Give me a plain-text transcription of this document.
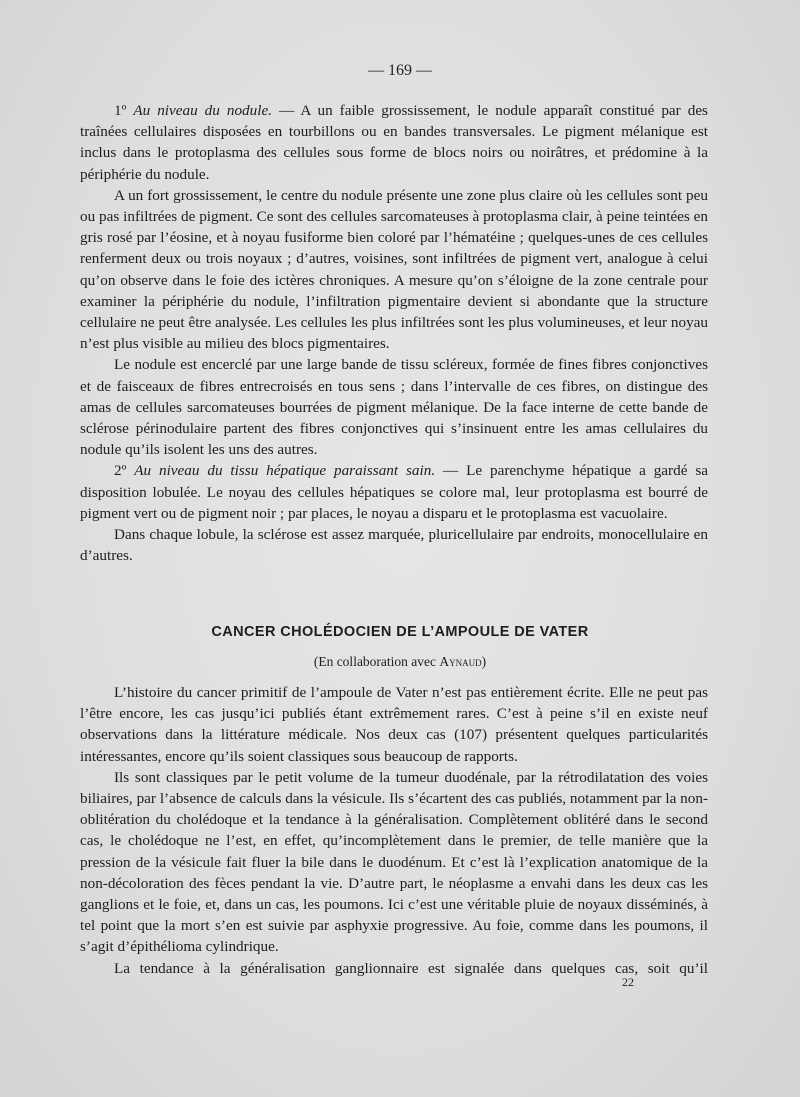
— 169 —

1º Au niveau du nodule. — A un faible grossissement, le nodule apparaît constitué par des traînées cellulaires disposées en tourbillons ou en bandes transversales. Le pigment mélanique est inclus dans le protoplasma des cellules sous forme de blocs noirs ou noirâtres, et prédomine à la périphérie du nodule.

A un fort grossissement, le centre du nodule présente une zone plus claire où les cellules sont peu ou pas infiltrées de pigment. Ce sont des cellules sarcomateuses à protoplasma clair, à peine teintées en gris rosé par l’éosine, et à noyau fusiforme bien coloré par l’hématéine ; quelques-unes de ces cellules renferment deux ou trois noyaux ; d’autres, voisines, sont infiltrées de pigment vert, analogue à celui qu’on observe dans le foie des ictères chroniques. A mesure qu’on s’éloigne de la zone centrale pour examiner la périphérie du nodule, l’infiltration pigmentaire devient si abondante que la structure cellulaire ne peut être analysée. Les cellules les plus infiltrées sont les plus volumineuses, et leur noyau n’est plus visible au milieu des blocs pigmentaires.

Le nodule est encerclé par une large bande de tissu scléreux, formée de fines fibres conjonctives et de faisceaux de fibres entrecroisés en tous sens ; dans l’intervalle de ces fibres, on distingue des amas de cellules sarcomateuses bourrées de pigment mélanique. De la face interne de cette bande de sclérose périnodulaire partent des fibres conjonctives qui s’insinuent entre les amas cellulaires du nodule qu’ils isolent les uns des autres.

2º Au niveau du tissu hépatique paraissant sain. — Le parenchyme hépatique a gardé sa disposition lobulée. Le noyau des cellules hépatiques se colore mal, leur protoplasma est bourré de pigment vert ou de pigment noir ; par places, le noyau a disparu et le protoplasma est vacuolaire.

Dans chaque lobule, la sclérose est assez marquée, pluricellulaire par endroits, monocellulaire en d’autres.

CANCER CHOLÉDOCIEN DE L’AMPOULE DE VATER
(En collaboration avec Aynaud)

L’histoire du cancer primitif de l’ampoule de Vater n’est pas entièrement écrite. Elle ne peut pas l’être encore, les cas jusqu’ici publiés étant extrêmement rares. C’est à peine s’il en existe neuf observations dans la littérature médicale. Nos deux cas (107) présentent quelques particularités intéressantes, encore qu’ils soient classiques sous beaucoup de rapports.

Ils sont classiques par le petit volume de la tumeur duodénale, par la rétrodilatation des voies biliaires, par l’absence de calculs dans la vésicule. Ils s’écartent des cas publiés, notamment par la non-oblitération du cholédoque et la tendance à la généralisation. Complètement oblitéré dans le second cas, le cholédoque ne l’est, en effet, qu’incomplètement dans le premier, de telle manière que la pression de la vésicule fait fluer la bile dans le duodénum. Et c’est là l’explication anatomique de la non-décoloration des fèces pendant la vie. D’autre part, le néoplasme a envahi dans les deux cas les ganglions et le foie, et, dans un cas, les poumons. Ici c’est une véritable pluie de noyaux disséminés, à tel point que la mort s’en est suivie par asphyxie progressive. Au foie, comme dans les poumons, il s’agit d’épithélioma cylindrique.

La tendance à la généralisation ganglionnaire est signalée dans quelques cas, soit qu’il

22
